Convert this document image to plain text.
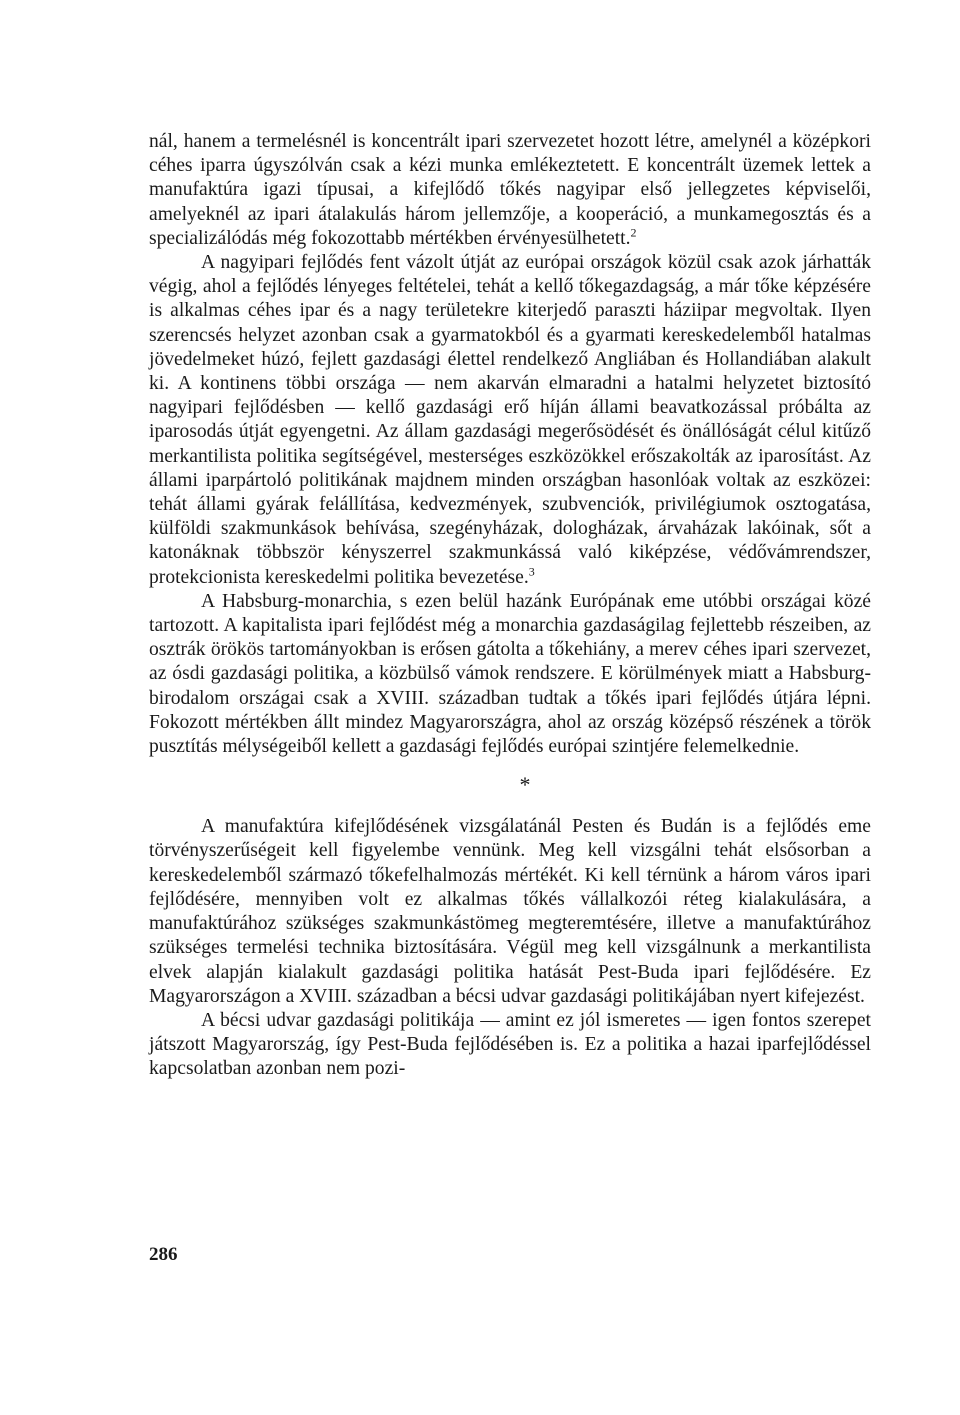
nál, hanem a termelésnél is koncentrált ipari szervezetet hozott létre, amelynél a középkori céhes iparra úgyszólván csak a kézi munka emlékeztetett. E koncentrált üzemek lettek a manufaktúra igazi típusai, a kifejlődő tőkés nagyipar első jellegzetes képviselői, amelyeknél az ipari átalakulás három jellemzője, a kooperáció, a munkamegosztás és a specializálódás még fokozottabb mértékben érvényesülhetett.$^2$

A nagyipari fejlődés fent vázolt útját az európai országok közül csak azok járhatták végig, ahol a fejlődés lényeges feltételei, tehát a kellő tőkegazdagság, a már tőke képzésére is alkalmas céhes ipar és a nagy területekre kiterjedő paraszti háziipar megvoltak. Ilyen szerencsés helyzet azonban csak a gyarmatokból és a gyarmati kereskedelemből hatalmas jövedelmeket húzó, fejlett gazdasági élettel rendelkező Angliában és Hollandiában alakult ki. A kontinens többi országa — nem akarván elmaradni a hatalmi helyzetet biztosító nagyipari fejlődésben — kellő gazdasági erő híján állami beavatkozással próbálta az iparosodás útját egyengetni. Az állam gazdasági megerősödését és önállóságát célul kitűző merkantilista politika segítségével, mesterséges eszközökkel erőszakolták az iparosítást. Az állami iparpártoló politikának majdnem minden országban hasonlóak voltak az eszközei: tehát állami gyárak felállítása, kedvezmények, szubvenciók, privilégiumok osztogatása, külföldi szakmunkások behívása, szegényházak, dologházak, árvaházak lakóinak, sőt a katonáknak többször kényszerrel szakmunkássá való kiképzése, védővámrendszer, protekcionista kereskedelmi politika bevezetése.$^3$

A Habsburg-monarchia, s ezen belül hazánk Európának eme utóbbi országai közé tartozott. A kapitalista ipari fejlődést még a monarchia gazdaságilag fejlettebb részeiben, az osztrák örökös tartományokban is erősen gátolta a tőkehiány, a merev céhes ipari szervezet, az ósdi gazdasági politika, a közbülső vámok rendszere. E körülmények miatt a Habsburg-birodalom országai csak a XVIII. században tudtak a tőkés ipari fejlődés útjára lépni. Fokozott mértékben állt mindez Magyarországra, ahol az ország középső részének a török pusztítás mélységeiből kellett a gazdasági fejlődés európai szintjére felemelkednie.

*

A manufaktúra kifejlődésének vizsgálatánál Pesten és Budán is a fejlődés eme törvényszerűségeit kell figyelembe vennünk. Meg kell vizsgálni tehát elsősorban a kereskedelemből származó tőkefelhalmozás mértékét. Ki kell térnünk a három város ipari fejlődésére, mennyiben volt ez alkalmas tőkés vállalkozói réteg kialakulására, a manufaktúrához szükséges szakmunkástömeg megteremtésére, illetve a manufaktúrához szükséges termelési technika biztosítására. Végül meg kell vizsgálnunk a merkantilista elvek alapján kialakult gazdasági politika hatását Pest-Buda ipari fejlődésére. Ez Magyarországon a XVIII. században a bécsi udvar gazdasági politikájában nyert kifejezést.

A bécsi udvar gazdasági politikája — amint ez jól ismeretes — igen fontos szerepet játszott Magyarország, így Pest-Buda fejlődésében is. Ez a politika a hazai iparfejlődéssel kapcsolatban azonban nem pozi-

286
